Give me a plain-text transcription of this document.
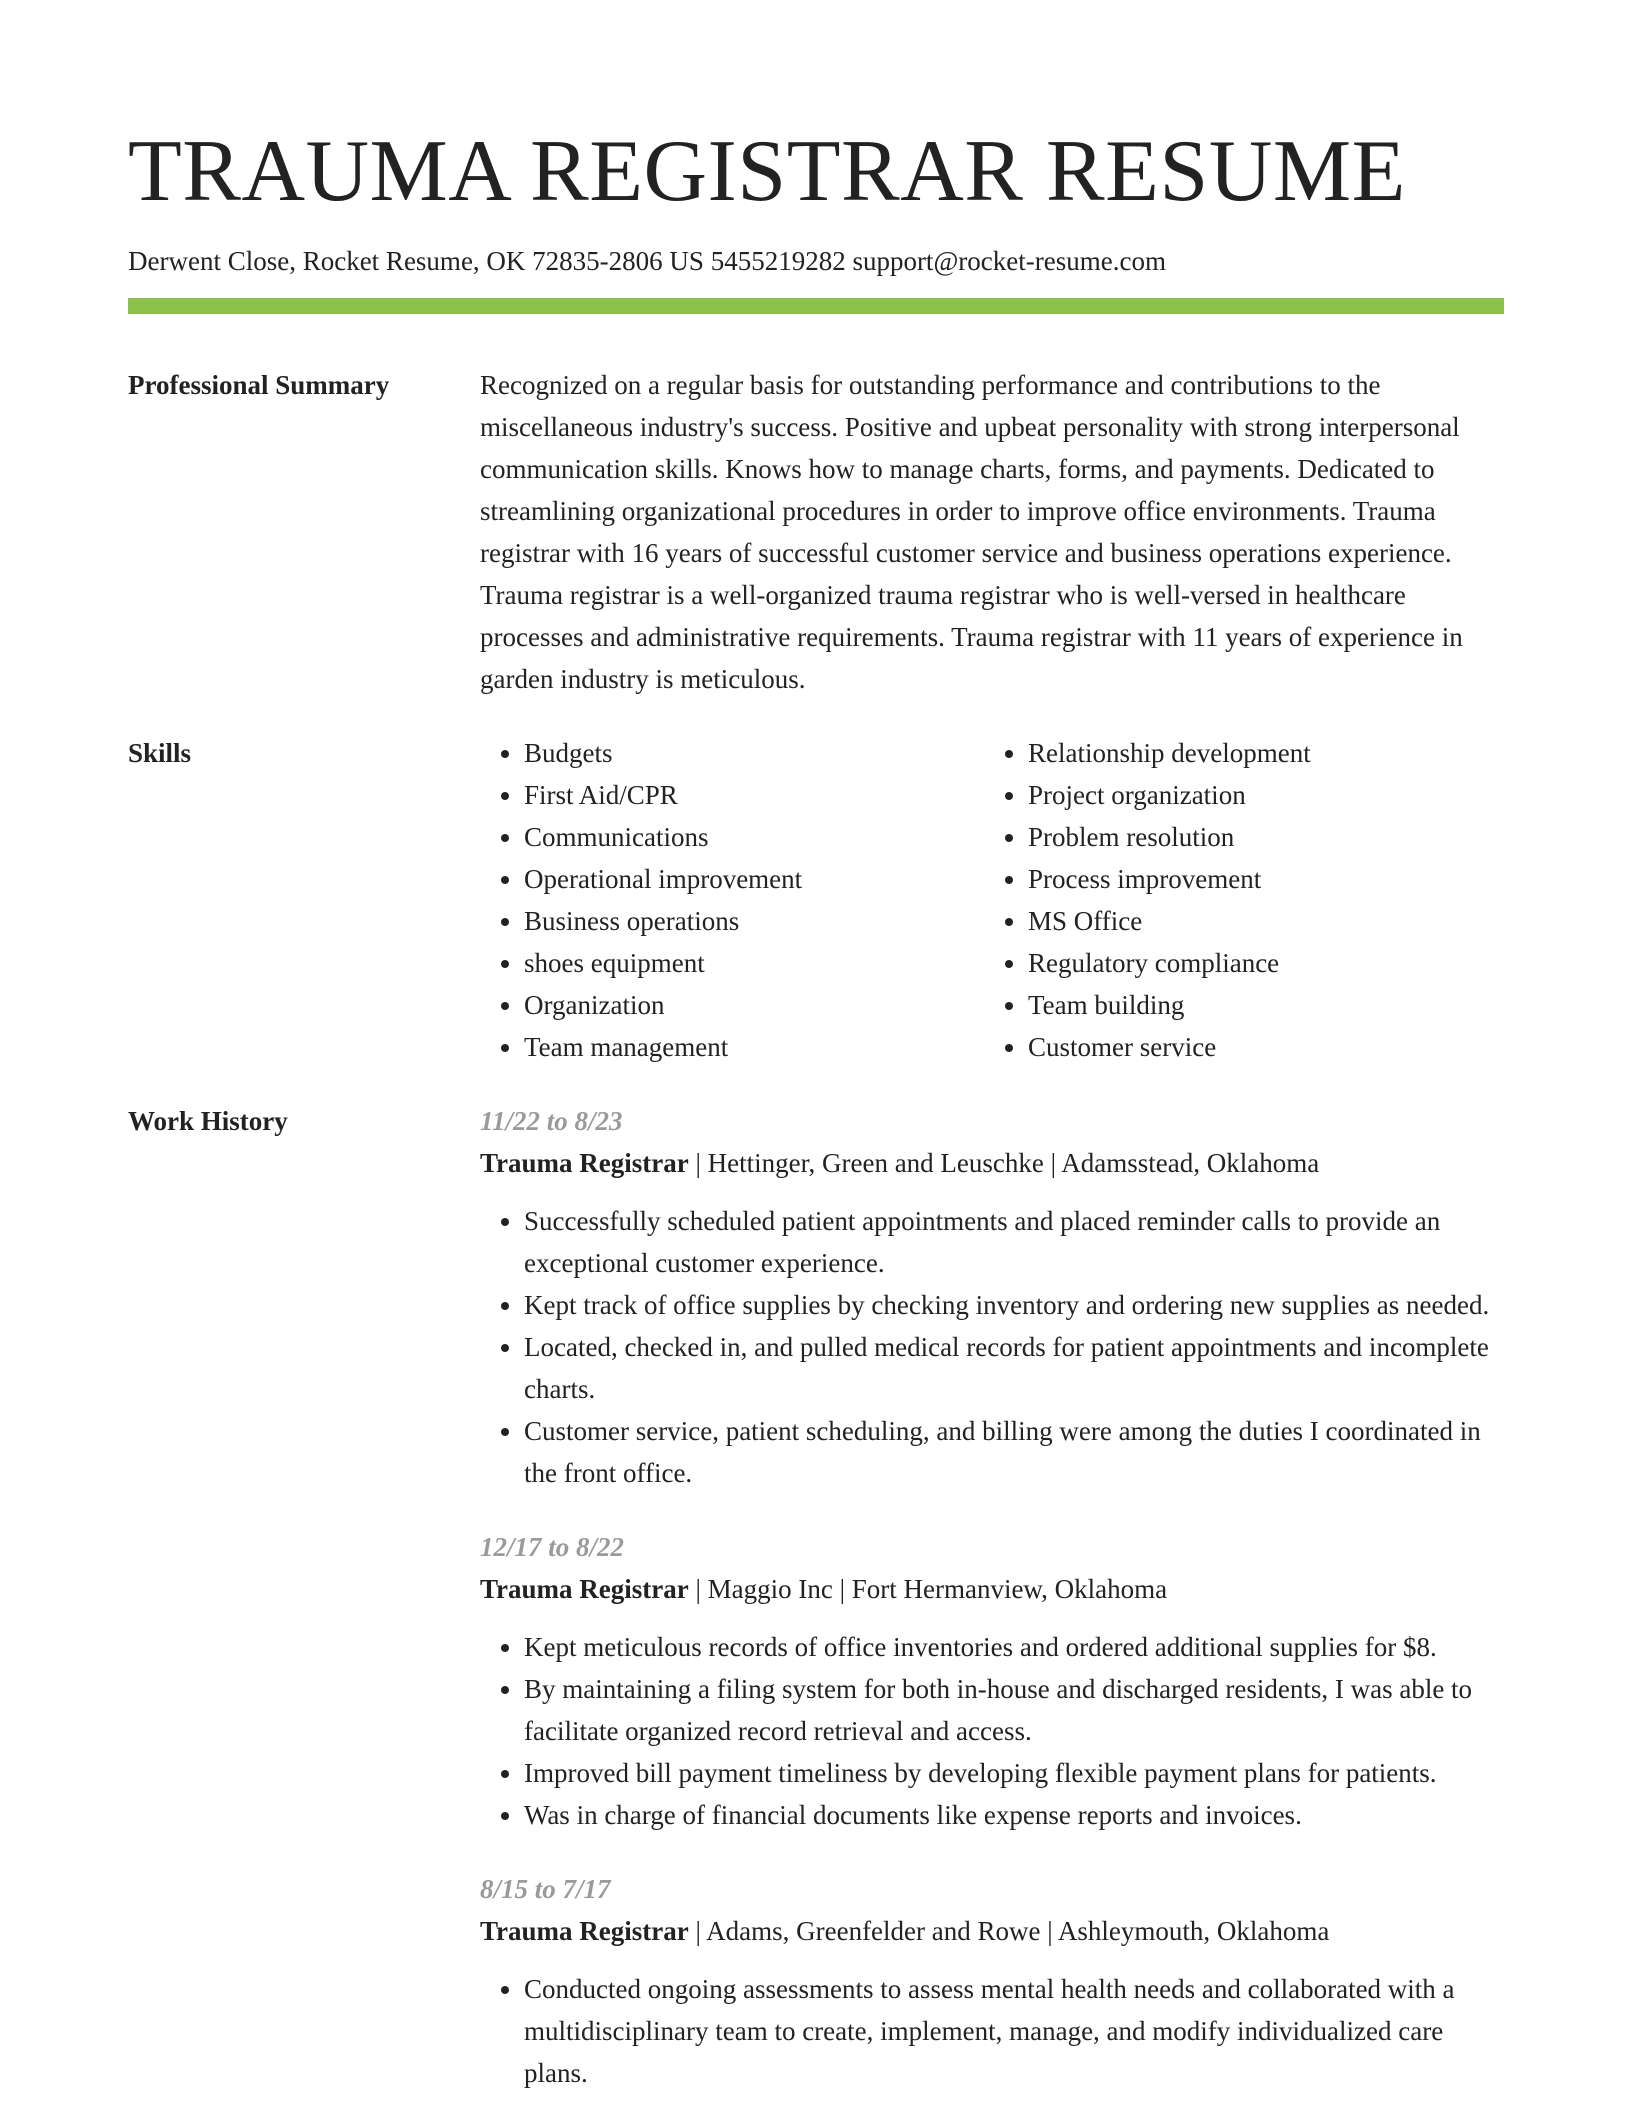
TRAUMA REGISTRAR RESUME
Derwent Close, Rocket Resume, OK 72835-2806 US 5455219282 support@rocket-resume.com
Professional Summary	Recognized on a regular basis for outstanding performance and contributions to the miscellaneous industry's success. Positive and upbeat personality with strong interpersonal communication skills. Knows how to manage charts, forms, and payments. Dedicated to streamlining organizational procedures in order to improve office environments. Trauma registrar with 16 years of successful customer service and business operations experience. Trauma registrar is a well-organized trauma registrar who is well-versed in healthcare processes and administrative requirements. Trauma registrar with 11 years of experience in garden industry is meticulous.

Skills
•	Budgets
• First Aid/CPR
• Communications
• Operational improvement
• Business operations
• shoes equipment
• Organization
• Team management
• Relationship development
• Project organization
• Problem resolution
• Process improvement
• MS Office
• Regulatory compliance
• Team building
• Customer service
Work History	11/22 to 8/23
Trauma Registrar | Hettinger, Green and Leuschke | Adamsstead, Oklahoma
• Successfully scheduled patient appointments and placed reminder calls to provide an exceptional customer experience.
• Kept track of office supplies by checking inventory and ordering new supplies as needed.
• Located, checked in, and pulled medical records for patient appointments and incomplete charts.
• Customer service, patient scheduling, and billing were among the duties I coordinated in the front office.
12/17 to 8/22
Trauma Registrar | Maggio Inc | Fort Hermanview, Oklahoma
• Kept meticulous records of office inventories and ordered additional supplies for $8.
• By maintaining a filing system for both in-house and discharged residents, I was able to facilitate organized record retrieval and access.
• Improved bill payment timeliness by developing flexible payment plans for patients.
• Was in charge of financial documents like expense reports and invoices.
8/15 to 7/17
Trauma Registrar | Adams, Greenfelder and Rowe | Ashleymouth, Oklahoma
• Conducted ongoing assessments to assess mental health needs and collaborated with a multidisciplinary team to create, implement, manage, and modify individualized care plans.
